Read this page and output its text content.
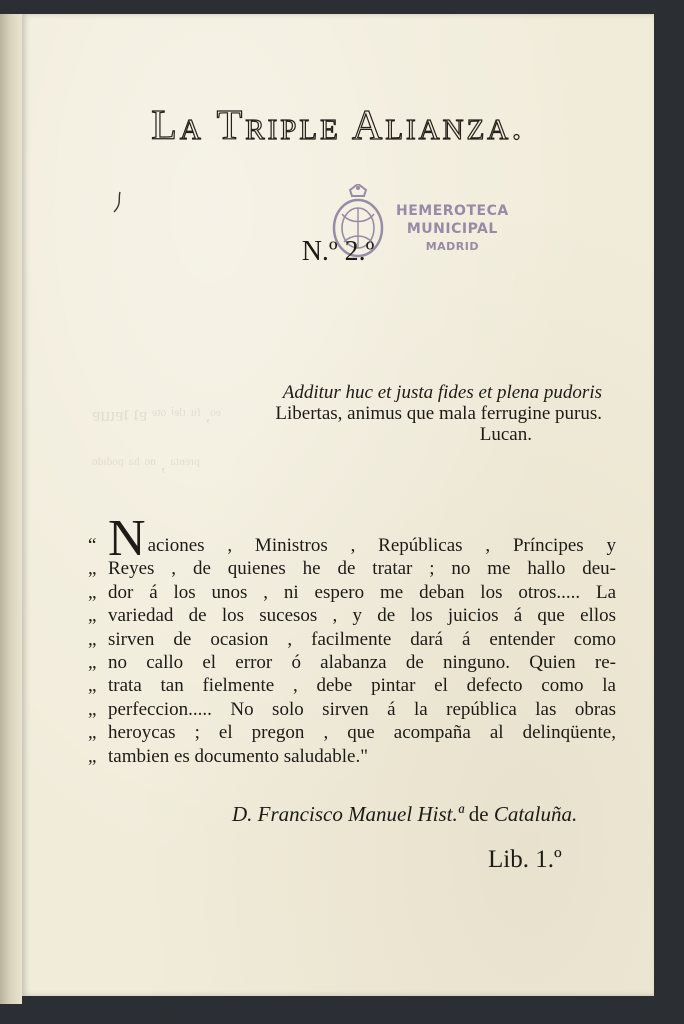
ᵉᵒ, ᶠᵘ ᵗˡᵉⁱ ᵒᵗᵉ ɐʇ ʇɐɯɐ
ᵖʳᵉⁿᵗᵃ , ⁿᵒ ʰᵃ ᵖᵒᵈᶦᵈᵒ
La Triple Alianza.
HEMEROTECA
MUNICIPAL
MADRID
N.º 2.º
Additur huc et justa fides et plena pudoris
Libertas, animus que mala ferrugine purus.
Lucan.
“ N aciones , Ministros , Repúblicas , Príncipes y
„ Reyes , de quienes he de tratar ; no me hallo deu-
„ dor á los unos , ni espero me deban los otros..... La
„ variedad de los sucesos , y de los juicios á que ellos
„ sirven de ocasion , facilmente dará á entender como
„ no callo el error ó alabanza de ninguno. Quien re-
„ trata tan fielmente , debe pintar el defecto como la
„ perfeccion..... No solo sirven á la república las obras
„ heroycas ; el pregon , que acompaña al delinqüente,
„ tambien es documento saludable."
D. Francisco Manuel Hist.ª de Cataluña.
Lib. 1.º
